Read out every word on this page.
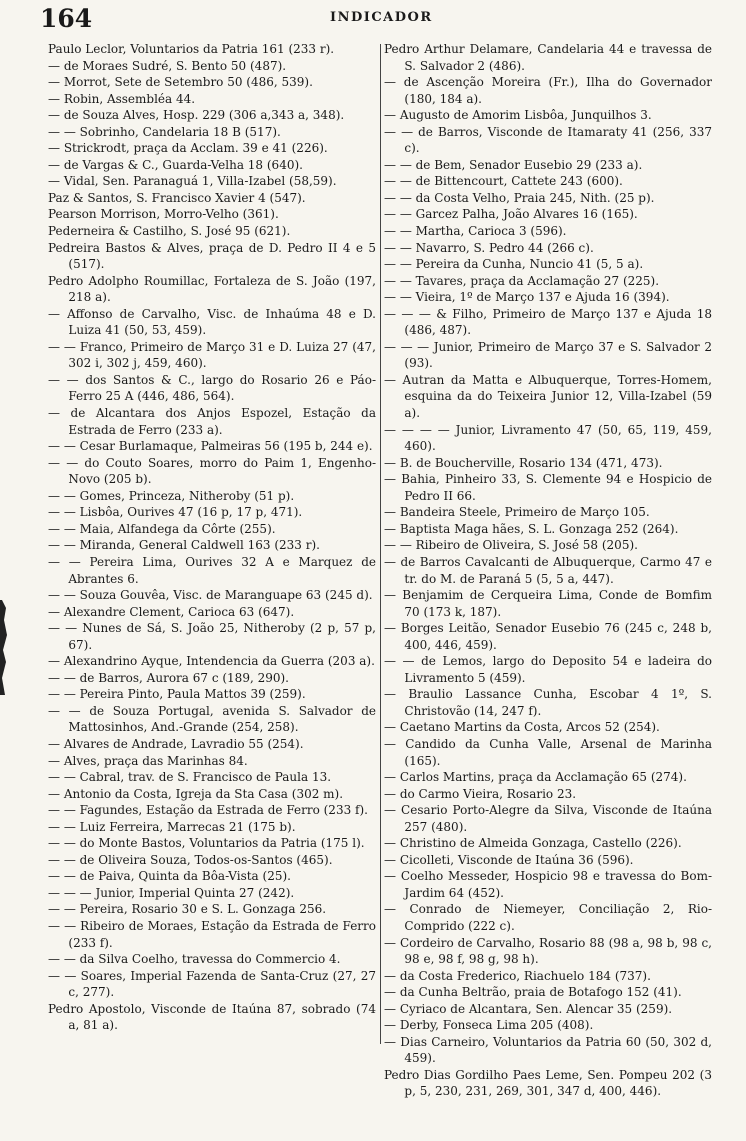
164	INDICADOR
Paulo Leclor, Voluntarios da Patria 161 (233 r).
— de Moraes Sudré, S. Bento 50 (487).
— Morrot, Sete de Setembro 50 (486, 539).
— Robin, Assembléa 44.
— de Souza Alves, Hosp. 229 (306 a,343 a, 348).
— — Sobrinho, Candelaria 18 B (517).
— Strickrodt, praça da Acclam. 39 e 41 (226).
— de Vargas & C., Guarda-Velha 18 (640).
— Vidal, Sen. Paranaguá 1, Villa-Izabel (58,59).
Paz & Santos, S. Francisco Xavier 4 (547).
Pearson Morrison, Morro-Velho (361).
Pederneira & Castilho, S. José 95 (621).
Pedreira Bastos & Alves, praça de D. Pedro II 4 e 5 (517).
Pedro Adolpho Roumillac, Fortaleza de S. João (197, 218 a).
— Affonso de Carvalho, Visc. de Inhaúma 48 e D. Luiza 41 (50, 53, 459).
— — Franco, Primeiro de Março 31 e D. Luiza 27 (47, 302 i, 302 j, 459, 460).
— — dos Santos & C., largo do Rosario 26 e Páo-Ferro 25 A (446, 486, 564).
— de Alcantara dos Anjos Espozel, Estação da Estrada de Ferro (233 a).
— — Cesar Burlamaque, Palmeiras 56 (195 b, 244 e).
— — do Couto Soares, morro do Paim 1, Engenho-Novo (205 b).
— — Gomes, Princeza, Nitheroby (51 p).
— — Lisbôa, Ourives 47 (16 p, 17 p, 471).
— — Maia, Alfandega da Côrte (255).
— — Miranda, General Caldwell 163 (233 r).
— — Pereira Lima, Ourives 32 A e Marquez de Abrantes 6.
— — Souza Gouvêa, Visc. de Maranguape 63 (245 d).
— Alexandre Clement, Carioca 63 (647).
— — Nunes de Sá, S. João 25, Nitheroby (2 p, 57 p, 67).
— Alexandrino Ayque, Intendencia da Guerra (203 a).
— — de Barros, Aurora 67 c (189, 290).
— — Pereira Pinto, Paula Mattos 39 (259).
— — de Souza Portugal, avenida S. Salvador de Mattosinhos, And.-Grande (254, 258).
— Alvares de Andrade, Lavradio 55 (254).
— Alves, praça das Marinhas 84.
— — Cabral, trav. de S. Francisco de Paula 13.
— Antonio da Costa, Igreja da Sta Casa (302 m).
— — Fagundes, Estação da Estrada de Ferro (233 f).
— — Luiz Ferreira, Marrecas 21 (175 b).
— — do Monte Bastos, Voluntarios da Patria (175 l).
— — de Oliveira Souza, Todos-os-Santos (465).
— — de Paiva, Quinta da Bôa-Vista (25).
— — — Junior, Imperial Quinta 27 (242).
— — Pereira, Rosario 30 e S. L. Gonzaga 256.
— — Ribeiro de Moraes, Estação da Estrada de Ferro (233 f).
— — da Silva Coelho, travessa do Commercio 4.
— — Soares, Imperial Fazenda de Santa-Cruz (27, 27 c, 277).
Pedro Apostolo, Visconde de Itaúna 87, sobrado (74 a, 81 a).
Pedro Arthur Delamare, Candelaria 44 e travessa de S. Salvador 2 (486).
— de Ascenção Moreira (Fr.), Ilha do Governador (180, 184 a).
— Augusto de Amorim Lisbôa, Junquilhos 3.
— — de Barros, Visconde de Itamaraty 41 (256, 337 c).
— — de Bem, Senador Eusebio 29 (233 a).
— — de Bittencourt, Cattete 243 (600).
— — da Costa Velho, Praia 245, Nith. (25 p).
— — Garcez Palha, João Alvares 16 (165).
— — Martha, Carioca 3 (596).
— — Navarro, S. Pedro 44 (266 c).
— — Pereira da Cunha, Nuncio 41 (5, 5 a).
— — Tavares, praça da Acclamação 27 (225).
— — Vieira, 1º de Março 137 e Ajuda 16 (394).
— — — & Filho, Primeiro de Março 137 e Ajuda 18 (486, 487).
— — — Junior, Primeiro de Março 37 e S. Salvador 2 (93).
— Autran da Matta e Albuquerque, Torres-Homem, esquina da do Teixeira Junior 12, Villa-Izabel (59 a).
— — — — Junior, Livramento 47 (50, 65, 119, 459, 460).
— B. de Boucherville, Rosario 134 (471, 473).
— Bahia, Pinheiro 33, S. Clemente 94 e Hospicio de Pedro II 66.
— Bandeira Steele, Primeiro de Março 105.
— Baptista Maga hães, S. L. Gonzaga 252 (264).
— — Ribeiro de Oliveira, S. José 58 (205).
— de Barros Cavalcanti de Albuquerque, Carmo 47 e tr. do M. de Paraná 5 (5, 5 a, 447).
— Benjamim de Cerqueira Lima, Conde de Bomfim 70 (173 k, 187).
— Borges Leitão, Senador Eusebio 76 (245 c, 248 b, 400, 446, 459).
— — de Lemos, largo do Deposito 54 e ladeira do Livramento 5 (459).
— Braulio Lassance Cunha, Escobar 4 1º, S. Christovão (14, 247 f).
— Caetano Martins da Costa, Arcos 52 (254).
— Candido da Cunha Valle, Arsenal de Marinha (165).
— Carlos Martins, praça da Acclamação 65 (274).
— do Carmo Vieira, Rosario 23.
— Cesario Porto-Alegre da Silva, Visconde de Itaúna 257 (480).
— Christino de Almeida Gonzaga, Castello (226).
— Cicolleti, Visconde de Itaúna 36 (596).
— Coelho Messeder, Hospicio 98 e travessa do Bom-Jardim 64 (452).
— Conrado de Niemeyer, Conciliação 2, Rio-Comprido (222 c).
— Cordeiro de Carvalho, Rosario 88 (98 a, 98 b, 98 c, 98 e, 98 f, 98 g, 98 h).
— da Costa Frederico, Riachuelo 184 (737).
— da Cunha Beltrão, praia de Botafogo 152 (41).
— Cyriaco de Alcantara, Sen. Alencar 35 (259).
— Derby, Fonseca Lima 205 (408).
— Dias Carneiro, Voluntarios da Patria 60 (50, 302 d, 459).
Pedro Dias Gordilho Paes Leme, Sen. Pompeu 202 (3 p, 5, 230, 231, 269, 301, 347 d, 400, 446).
